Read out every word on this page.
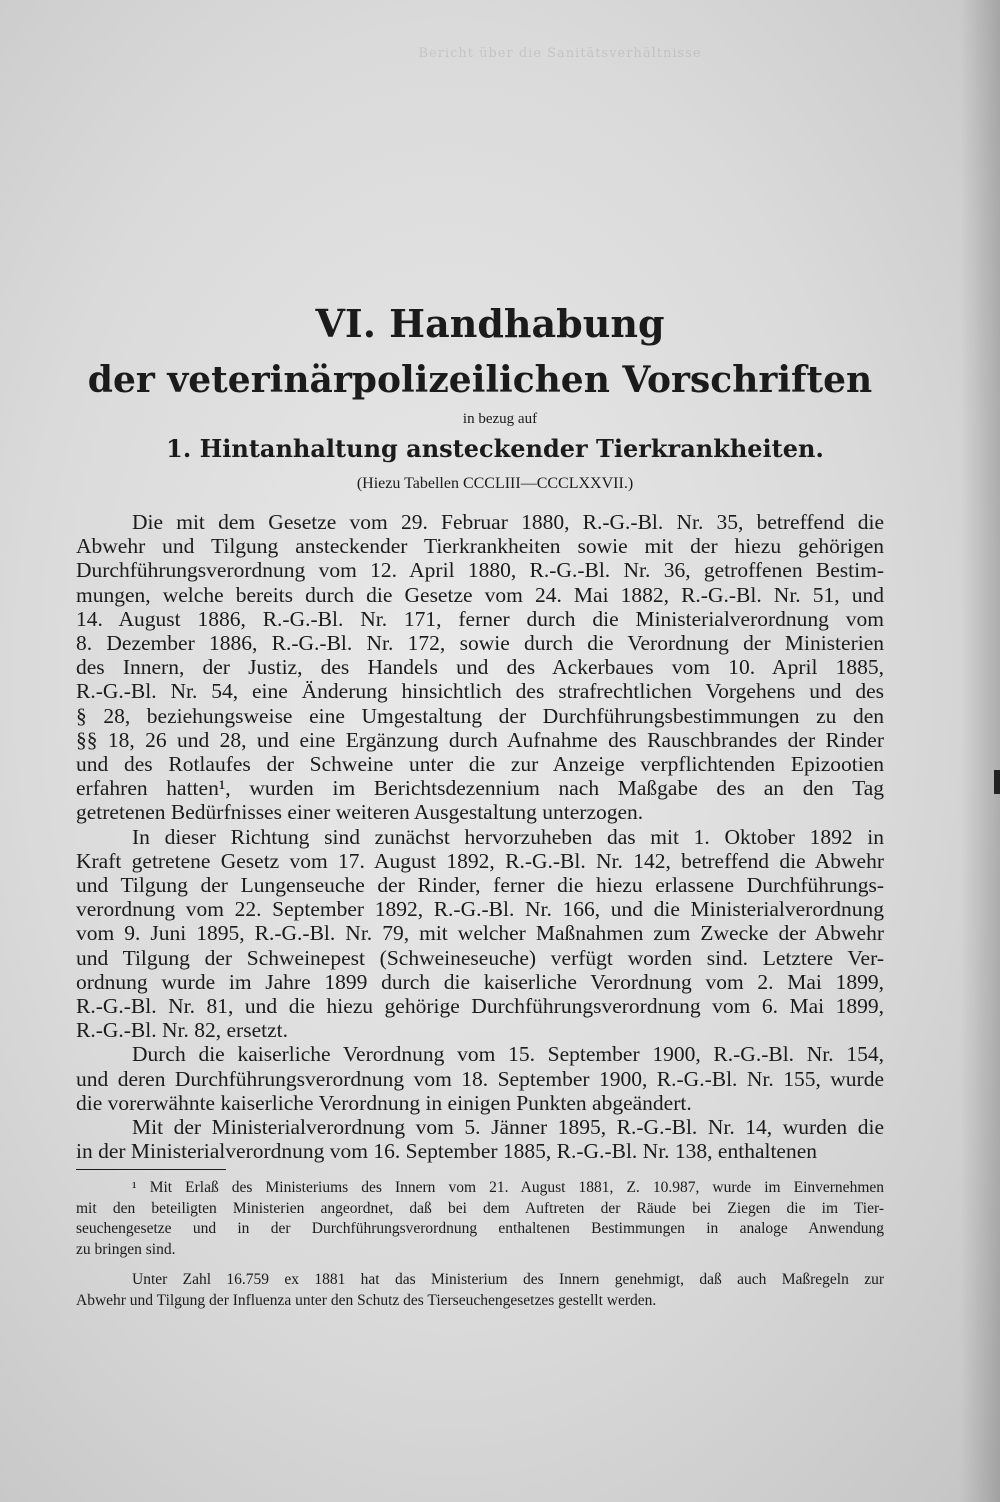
Bericht über die Sanitätsverhältnisse
VI. Handhabung
der veterinärpolizeilichen Vorschriften
in bezug auf
1. Hintanhaltung ansteckender Tierkrankheiten.
(Hiezu Tabellen CCCLIII—CCCLXXVII.)
Die mit dem Gesetze vom 29. Februar 1880, R.-G.-Bl. Nr. 35, betreffend die
Abwehr und Tilgung ansteckender Tierkrankheiten sowie mit der hiezu gehörigen
Durchführungsverordnung vom 12. April 1880, R.-G.-Bl. Nr. 36, getroffenen Bestim-
mungen, welche bereits durch die Gesetze vom 24. Mai 1882, R.-G.-Bl. Nr. 51, und
14. August 1886, R.-G.-Bl. Nr. 171, ferner durch die Ministerialverordnung vom
8. Dezember 1886, R.-G.-Bl. Nr. 172, sowie durch die Verordnung der Ministerien
des Innern, der Justiz, des Handels und des Ackerbaues vom 10. April 1885,
R.-G.-Bl. Nr. 54, eine Änderung hinsichtlich des strafrechtlichen Vorgehens und des
§ 28, beziehungsweise eine Umgestaltung der Durchführungsbestimmungen zu den
§§ 18, 26 und 28, und eine Ergänzung durch Aufnahme des Rauschbrandes der Rinder
und des Rotlaufes der Schweine unter die zur Anzeige verpflichtenden Epizootien
erfahren hatten¹, wurden im Berichtsdezennium nach Maßgabe des an den Tag
getretenen Bedürfnisses einer weiteren Ausgestaltung unterzogen.
In dieser Richtung sind zunächst hervorzuheben das mit 1. Oktober 1892 in
Kraft getretene Gesetz vom 17. August 1892, R.-G.-Bl. Nr. 142, betreffend die Abwehr
und Tilgung der Lungenseuche der Rinder, ferner die hiezu erlassene Durchführungs-
verordnung vom 22. September 1892, R.-G.-Bl. Nr. 166, und die Ministerialverordnung
vom 9. Juni 1895, R.-G.-Bl. Nr. 79, mit welcher Maßnahmen zum Zwecke der Abwehr
und Tilgung der Schweinepest (Schweineseuche) verfügt worden sind. Letztere Ver-
ordnung wurde im Jahre 1899 durch die kaiserliche Verordnung vom 2. Mai 1899,
R.-G.-Bl. Nr. 81, und die hiezu gehörige Durchführungsverordnung vom 6. Mai 1899,
R.-G.-Bl. Nr. 82, ersetzt.
Durch die kaiserliche Verordnung vom 15. September 1900, R.-G.-Bl. Nr. 154,
und deren Durchführungsverordnung vom 18. September 1900, R.-G.-Bl. Nr. 155, wurde
die vorerwähnte kaiserliche Verordnung in einigen Punkten abgeändert.
Mit der Ministerialverordnung vom 5. Jänner 1895, R.-G.-Bl. Nr. 14, wurden die
in der Ministerialverordnung vom 16. September 1885, R.-G.-Bl. Nr. 138, enthaltenen
¹ Mit Erlaß des Ministeriums des Innern vom 21. August 1881, Z. 10.987, wurde im Einvernehmen
mit den beteiligten Ministerien angeordnet, daß bei dem Auftreten der Räude bei Ziegen die im Tier-
seuchengesetze und in der Durchführungsverordnung enthaltenen Bestimmungen in analoge Anwendung
zu bringen sind.
Unter Zahl 16.759 ex 1881 hat das Ministerium des Innern genehmigt, daß auch Maßregeln zur
Abwehr und Tilgung der Influenza unter den Schutz des Tierseuchengesetzes gestellt werden.
